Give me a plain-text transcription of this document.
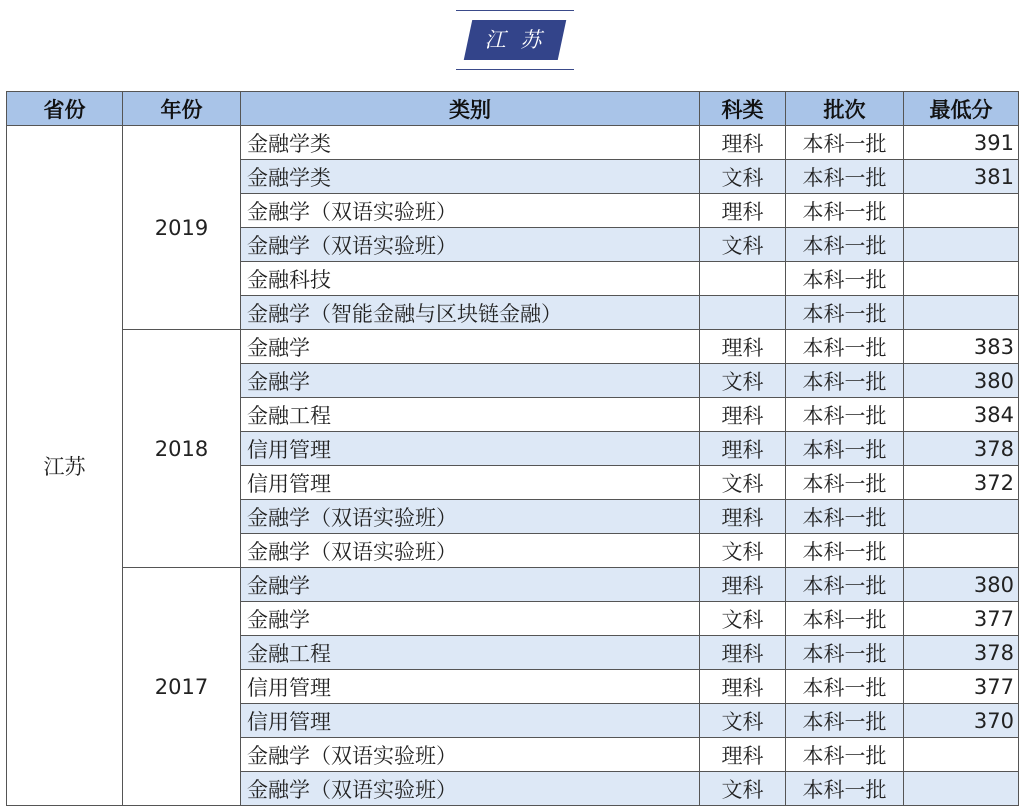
江 苏
省份	年份	类别	科类	批次	最低分
江苏	2019	金融学类	理科	本科一批	391
		金融学类	文科	本科一批	381
		金融学（双语实验班）	理科	本科一批	
		金融学（双语实验班）	文科	本科一批	
		金融科技		本科一批	
		金融学（智能金融与区块链金融）		本科一批	
	2018	金融学	理科	本科一批	383
		金融学	文科	本科一批	380
		金融工程	理科	本科一批	384
		信用管理	理科	本科一批	378
		信用管理	文科	本科一批	372
		金融学（双语实验班）	理科	本科一批	
		金融学（双语实验班）	文科	本科一批	
	2017	金融学	理科	本科一批	380
		金融学	文科	本科一批	377
		金融工程	理科	本科一批	378
		信用管理	理科	本科一批	377
		信用管理	文科	本科一批	370
		金融学（双语实验班）	理科	本科一批	
		金融学（双语实验班）	文科	本科一批	
